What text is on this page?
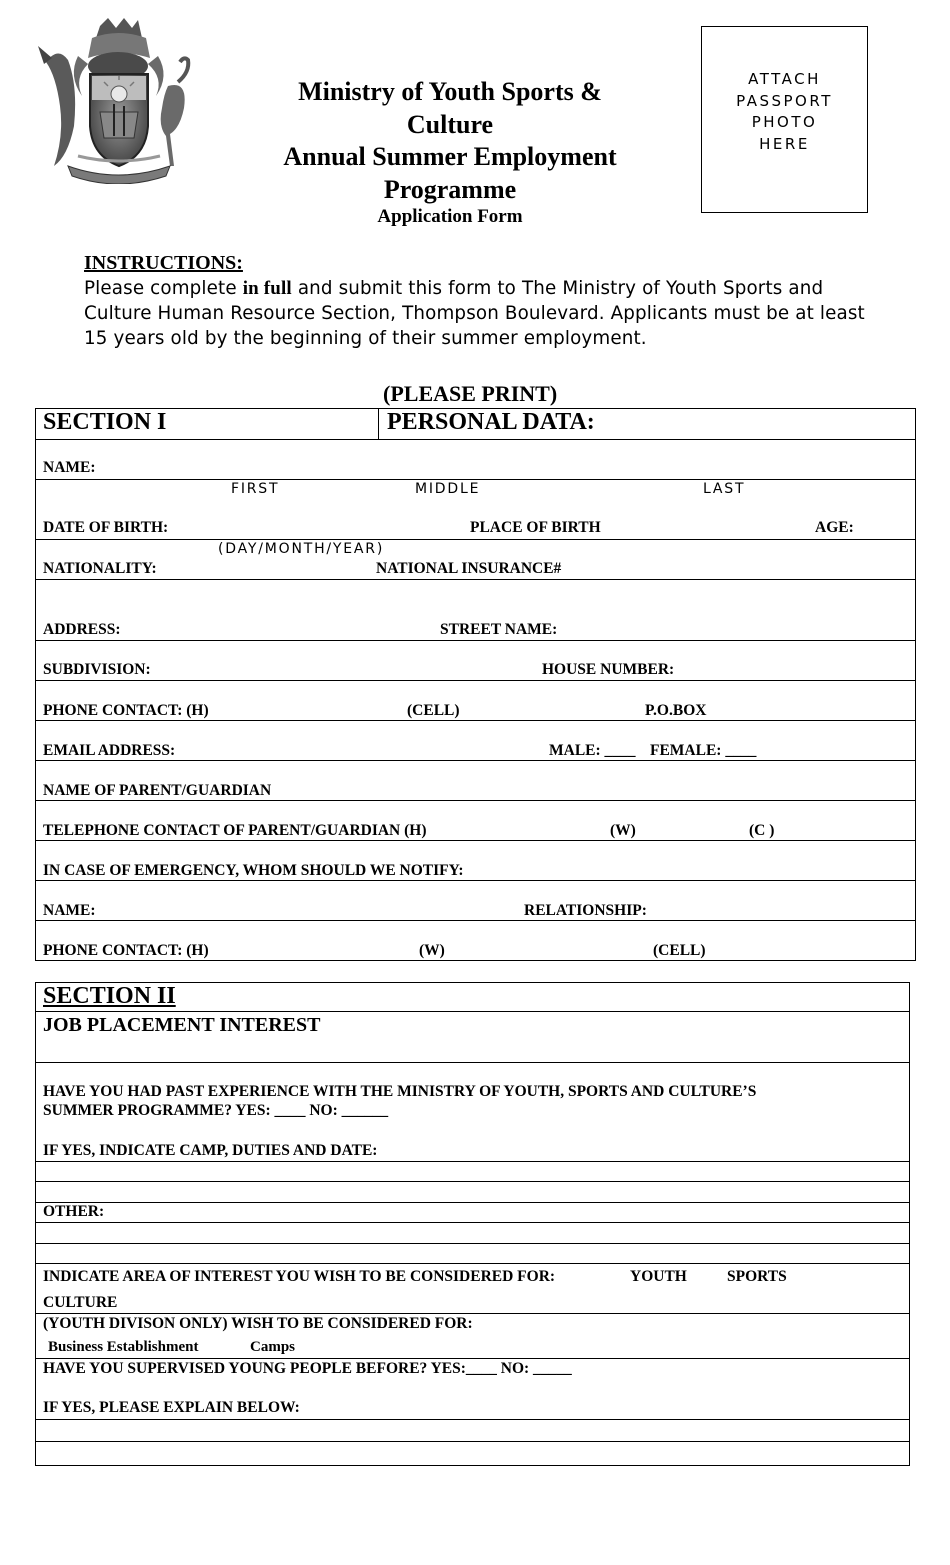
Ministry of Youth Sports &
Culture
Annual Summer Employment
Programme
Application Form
ATTACH
PASSPORT
PHOTO
HERE
INSTRUCTIONS:
Please complete in full and submit this form to The Ministry of Youth Sports and Culture Human Resource Section, Thompson Boulevard. Applicants must be at least 15 years old by the beginning of their summer employment.
(PLEASE PRINT)
SECTION I	PERSONAL DATA:
NAME:
FIRST	MIDDLE	LAST
DATE OF BIRTH:	PLACE OF BIRTH	AGE:
(DAY/MONTH/YEAR)
NATIONALITY:	NATIONAL INSURANCE#
ADDRESS:	STREET NAME:
SUBDIVISION:	HOUSE NUMBER:
PHONE CONTACT: (H)	(CELL)	P.O.BOX
EMAIL ADDRESS:	MALE: ____ FEMALE: ____
NAME OF PARENT/GUARDIAN
TELEPHONE CONTACT OF PARENT/GUARDIAN (H)	(W)	(C )
IN CASE OF EMERGENCY, WHOM SHOULD WE NOTIFY:
NAME:	RELATIONSHIP:
PHONE CONTACT: (H)	(W)	(CELL)
SECTION II
JOB PLACEMENT INTEREST
HAVE YOU HAD PAST EXPERIENCE WITH THE MINISTRY OF YOUTH, SPORTS AND CULTURE’S
SUMMER PROGRAMME? YES: ____ NO: ______
IF YES, INDICATE CAMP, DUTIES AND DATE:
OTHER:
INDICATE AREA OF INTEREST YOU WISH TO BE CONSIDERED FOR:	YOUTH	SPORTS
CULTURE
(YOUTH DIVISON ONLY) WISH TO BE CONSIDERED FOR:
Business Establishment	Camps
HAVE YOU SUPERVISED YOUNG PEOPLE BEFORE? YES:____ NO: _____
IF YES, PLEASE EXPLAIN BELOW:
